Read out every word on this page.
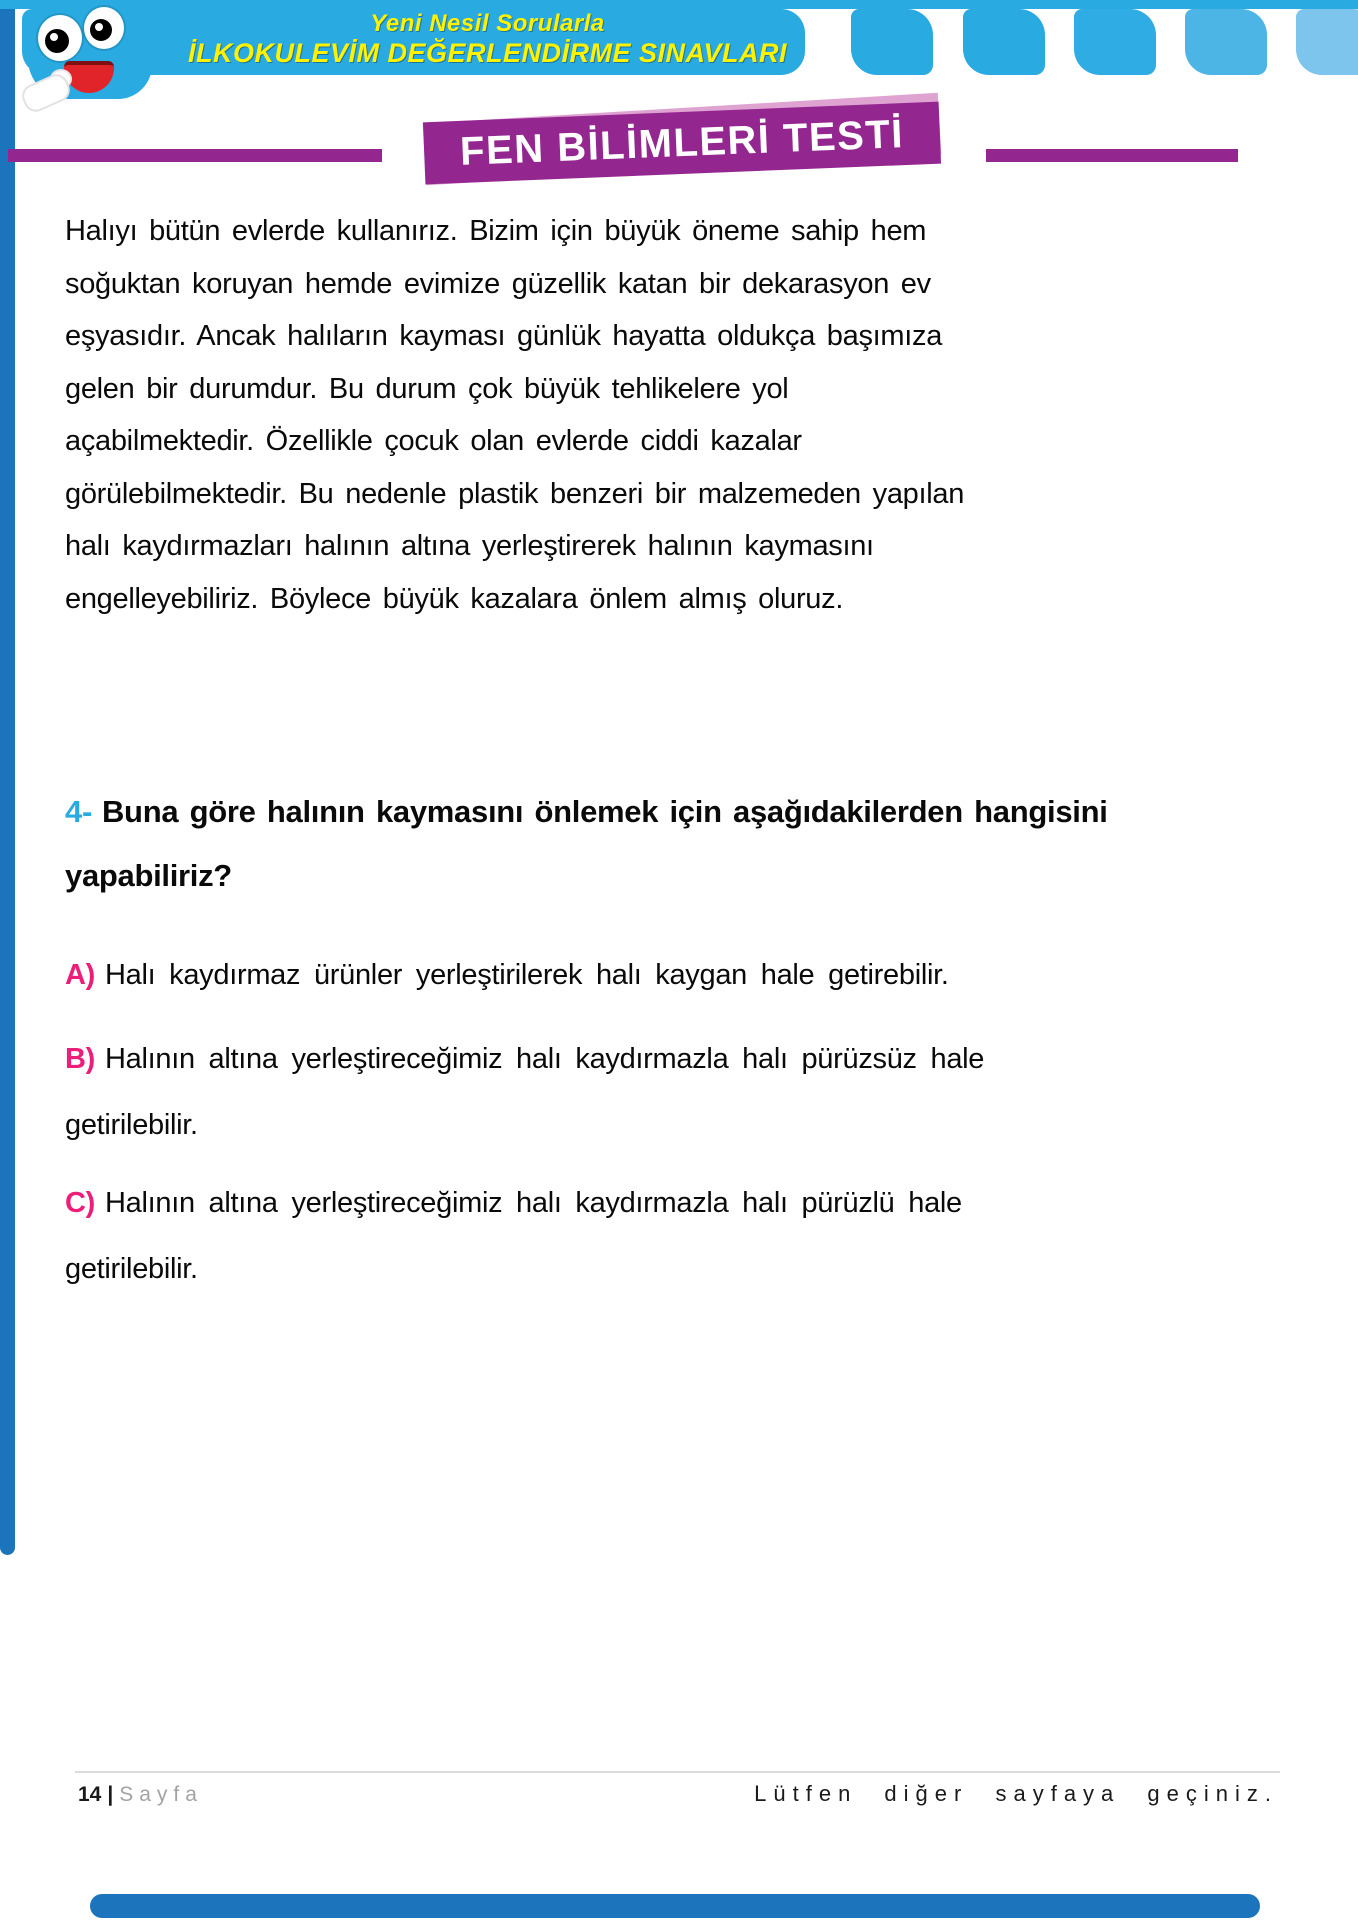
Yeni Nesil Sorularla
İLKOKULEVİM DEĞERLENDİRME SINAVLARI
FEN BİLİMLERİ TESTİ
Halıyı bütün evlerde kullanırız. Bizim için büyük öneme sahip hem
soğuktan koruyan hemde evimize güzellik katan bir dekarasyon ev
eşyasıdır. Ancak halıların kayması günlük hayatta oldukça başımıza
gelen bir durumdur. Bu durum çok büyük tehlikelere yol
açabilmektedir. Özellikle çocuk olan evlerde ciddi kazalar
görülebilmektedir. Bu nedenle plastik benzeri bir malzemeden yapılan
halı kaydırmazları halının altına yerleştirerek halının kaymasını
engelleyebiliriz. Böylece büyük kazalara önlem almış oluruz.
4- Buna göre halının kaymasını önlemek için aşağıdakilerden hangisini
yapabiliriz?
A) Halı kaydırmaz ürünler yerleştirilerek halı kaygan hale getirebilir.
B) Halının altına yerleştireceğimiz halı kaydırmazla halı pürüzsüz hale
getirilebilir.
C) Halının altına yerleştireceğimiz halı kaydırmazla halı pürüzlü hale
getirilebilir.
14 | Sayfa	Lütfen diğer sayfaya geçiniz.
